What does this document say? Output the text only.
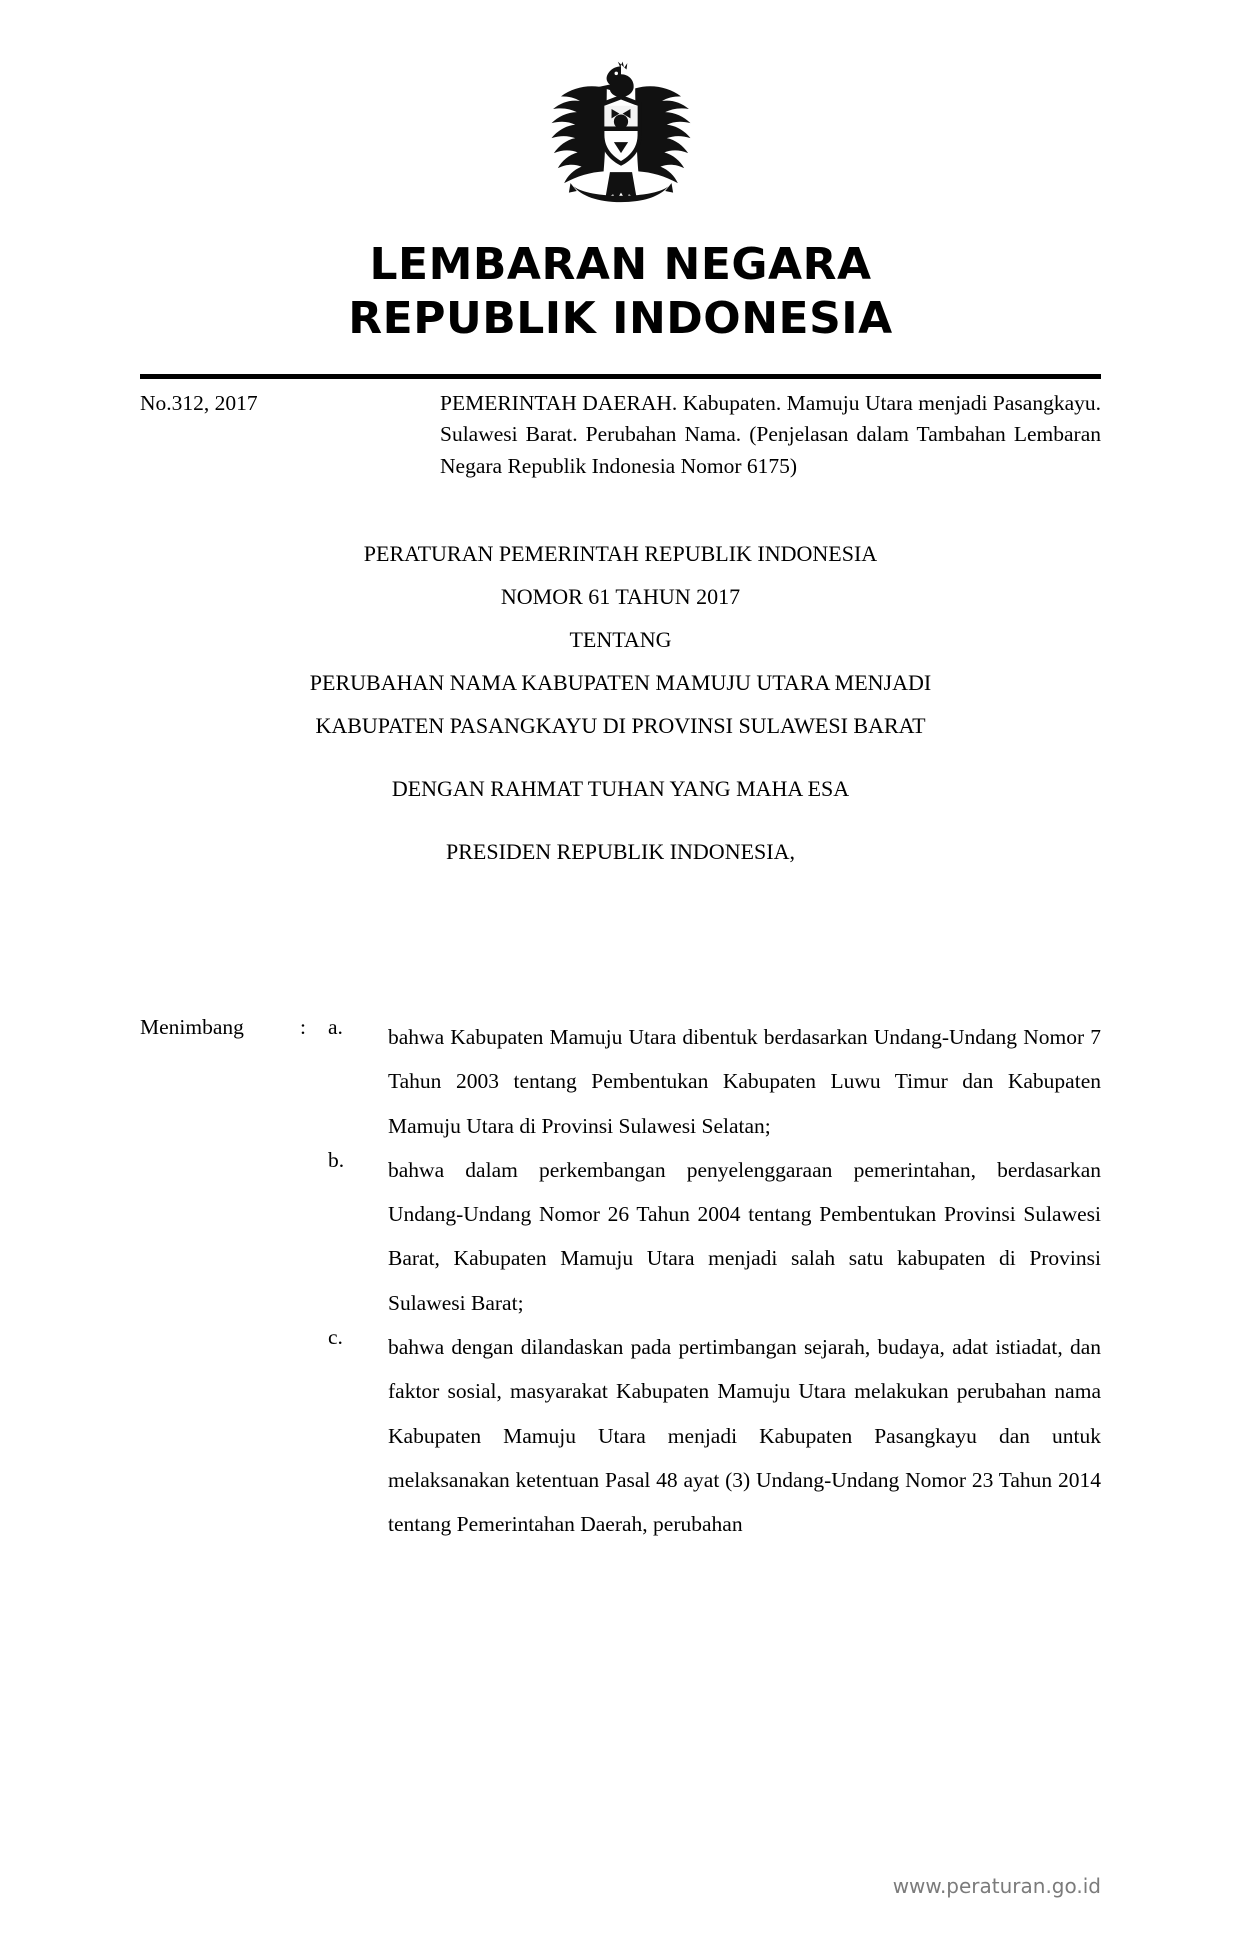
LEMBARAN NEGARA
REPUBLIK INDONESIA
No.312, 2017	PEMERINTAH DAERAH. Kabupaten. Mamuju Utara menjadi Pasangkayu. Sulawesi Barat. Perubahan Nama. (Penjelasan dalam Tambahan Lembaran Negara Republik Indonesia Nomor 6175)
PERATURAN PEMERINTAH REPUBLIK INDONESIA
NOMOR 61 TAHUN 2017
TENTANG
PERUBAHAN NAMA KABUPATEN MAMUJU UTARA MENJADI
KABUPATEN PASANGKAYU DI PROVINSI SULAWESI BARAT
DENGAN RAHMAT TUHAN YANG MAHA ESA
PRESIDEN REPUBLIK INDONESIA,
Menimbang	:	a.	bahwa Kabupaten Mamuju Utara dibentuk berdasarkan Undang-Undang Nomor 7 Tahun 2003 tentang Pembentukan Kabupaten Luwu Timur dan Kabupaten Mamuju Utara di Provinsi Sulawesi Selatan;
b.	bahwa dalam perkembangan penyelenggaraan pemerintahan, berdasarkan Undang-Undang Nomor 26 Tahun 2004 tentang Pembentukan Provinsi Sulawesi Barat, Kabupaten Mamuju Utara menjadi salah satu kabupaten di Provinsi Sulawesi Barat;
c.	bahwa dengan dilandaskan pada pertimbangan sejarah, budaya, adat istiadat, dan faktor sosial, masyarakat Kabupaten Mamuju Utara melakukan perubahan nama Kabupaten Mamuju Utara menjadi Kabupaten Pasangkayu dan untuk melaksanakan ketentuan Pasal 48 ayat (3) Undang-Undang Nomor 23 Tahun 2014 tentang Pemerintahan Daerah, perubahan
www.peraturan.go.id
